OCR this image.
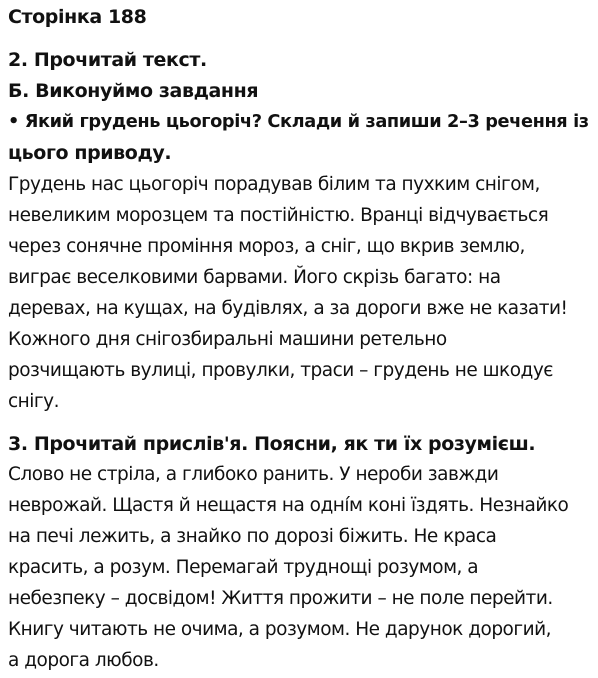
Сторінка 188
2. Прочитай текст.
Б. Виконуймо завдання
• Який грудень цьогоріч? Склади й запиши 2–3 речення із
цього приводу.
Грудень нас цьогоріч порадував білим та пухким снігом,
невеликим морозцем та постійністю. Вранці відчувається
через сонячне проміння мороз, а сніг, що вкрив землю,
виграє веселковими барвами. Його скрізь багато: на
деревах, на кущах, на будівлях, а за дороги вже не казати!
Кожного дня снігозбиральні машини ретельно
розчищають вулиці, провулки, траси – грудень не шкодує
снігу.
3. Прочитай прислів'я. Поясни, як ти їх розумієш.
Слово не стріла, а глибоко ранить. У нероби завжди
неврожай. Щастя й нещастя на одні́м коні їздять. Незнайко
на печі лежить, а знайко по дорозі біжить. Не краса
красить, а розум. Перемагай труднощі розумом, а
небезпеку – досвідом! Життя прожити – не поле перейти.
Книгу читають не очима, а розумом. Не дарунок дорогий,
а дорога любов.
